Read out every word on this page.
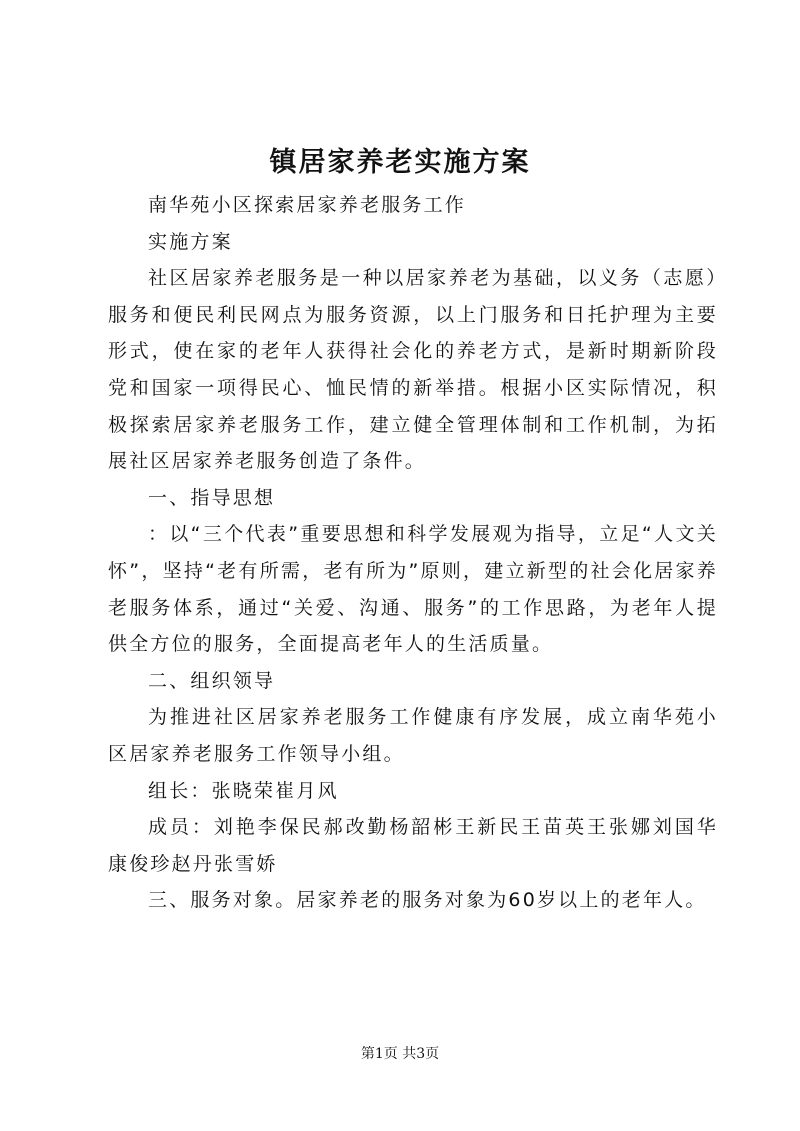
镇居家养老实施方案

南华苑小区探索居家养老服务工作

实施方案

社区居家养老服务是一种以居家养老为基础，以义务（志愿）服务和便民利民网点为服务资源，以上门服务和日托护理为主要形式，使在家的老年人获得社会化的养老方式，是新时期新阶段党和国家一项得民心、恤民情的新举措。根据小区实际情况，积极探索居家养老服务工作，建立健全管理体制和工作机制，为拓展社区居家养老服务创造了条件。

一、指导思想

：以“三个代表”重要思想和科学发展观为指导，立足“人文关怀”，坚持“老有所需，老有所为”原则，建立新型的社会化居家养老服务体系，通过“关爱、沟通、服务”的工作思路，为老年人提供全方位的服务，全面提高老年人的生活质量。

二、组织领导

为推进社区居家养老服务工作健康有序发展，成立南华苑小区居家养老服务工作领导小组。

组长：张晓荣崔月风

成员：刘艳李保民郝改勤杨韶彬王新民王苗英王张娜刘国华康俊珍赵丹张雪娇

三、服务对象。居家养老的服务对象为60岁以上的老年人。

第1页 共3页
